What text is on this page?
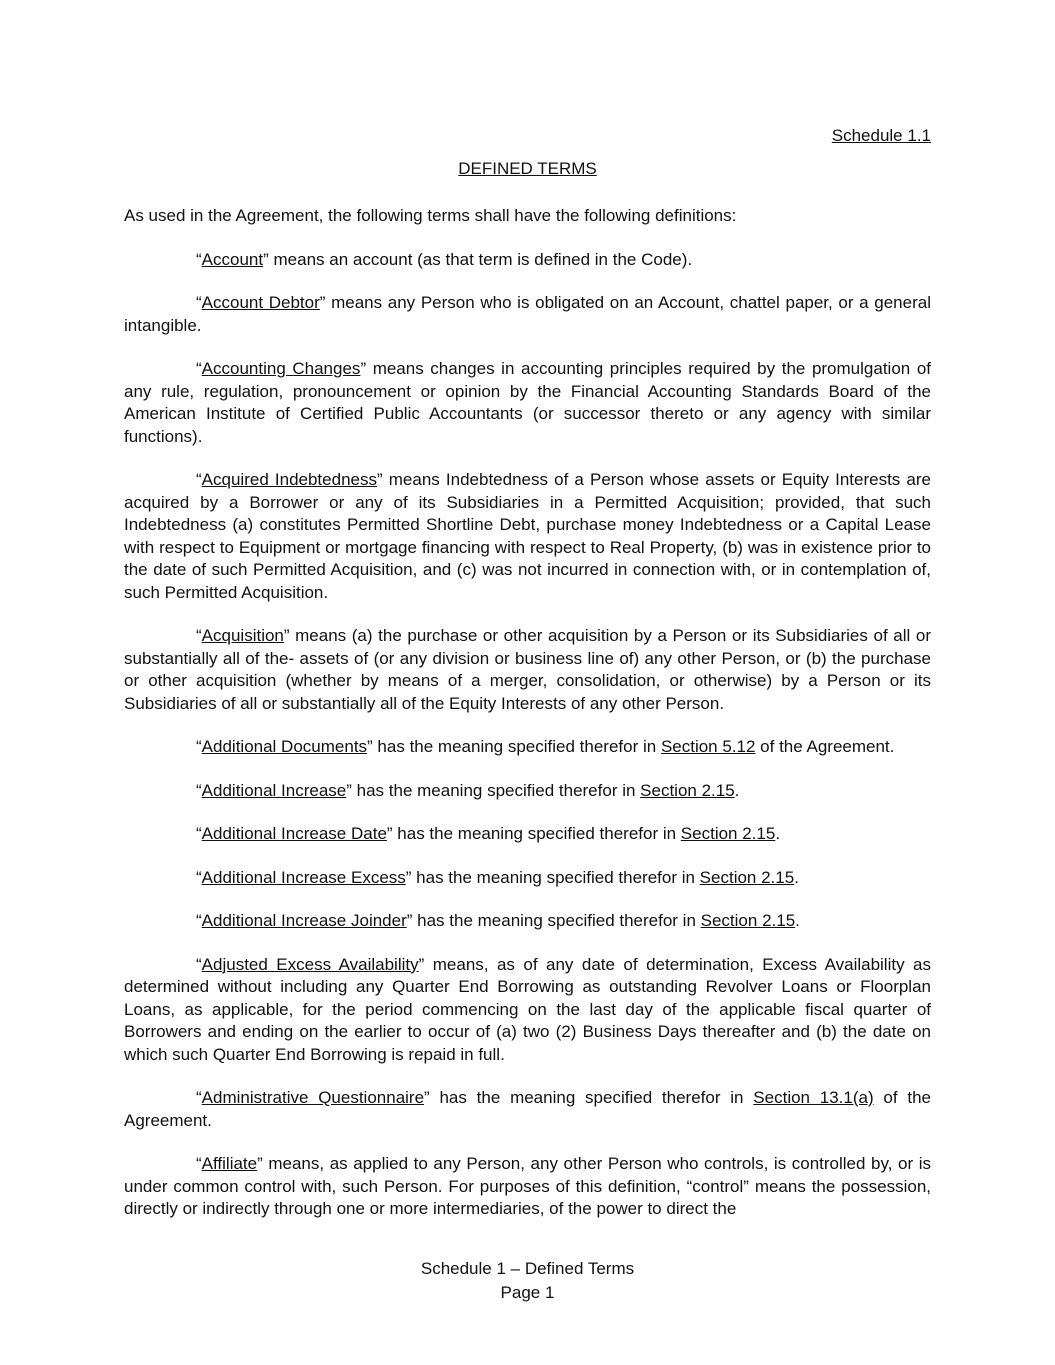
Schedule 1.1

DEFINED TERMS

As used in the Agreement, the following terms shall have the following definitions:

“Account” means an account (as that term is defined in the Code).

“Account Debtor” means any Person who is obligated on an Account, chattel paper, or a general intangible.

“Accounting Changes” means changes in accounting principles required by the promulgation of any rule, regulation, pronouncement or opinion by the Financial Accounting Standards Board of the American Institute of Certified Public Accountants (or successor thereto or any agency with similar functions).

“Acquired Indebtedness” means Indebtedness of a Person whose assets or Equity Interests are acquired by a Borrower or any of its Subsidiaries in a Permitted Acquisition; provided, that such Indebtedness (a) constitutes Permitted Shortline Debt, purchase money Indebtedness or a Capital Lease with respect to Equipment or mortgage financing with respect to Real Property, (b) was in existence prior to the date of such Permitted Acquisition, and (c) was not incurred in connection with, or in contemplation of, such Permitted Acquisition.

“Acquisition” means (a) the purchase or other acquisition by a Person or its Subsidiaries of all or substantially all of the- assets of (or any division or business line of) any other Person, or (b) the purchase or other acquisition (whether by means of a merger, consolidation, or otherwise) by a Person or its Subsidiaries of all or substantially all of the Equity Interests of any other Person.

“Additional Documents” has the meaning specified therefor in Section 5.12 of the Agreement.

“Additional Increase” has the meaning specified therefor in Section 2.15.

“Additional Increase Date” has the meaning specified therefor in Section 2.15.

“Additional Increase Excess” has the meaning specified therefor in Section 2.15.

“Additional Increase Joinder” has the meaning specified therefor in Section 2.15.

“Adjusted Excess Availability” means, as of any date of determination, Excess Availability as determined without including any Quarter End Borrowing as outstanding Revolver Loans or Floorplan Loans, as applicable, for the period commencing on the last day of the applicable fiscal quarter of Borrowers and ending on the earlier to occur of (a) two (2) Business Days thereafter and (b) the date on which such Quarter End Borrowing is repaid in full.

“Administrative Questionnaire” has the meaning specified therefor in Section 13.1(a) of the Agreement.

“Affiliate” means, as applied to any Person, any other Person who controls, is controlled by, or is under common control with, such Person. For purposes of this definition, “control” means the possession, directly or indirectly through one or more intermediaries, of the power to direct the

Schedule 1 – Defined Terms
Page 1
